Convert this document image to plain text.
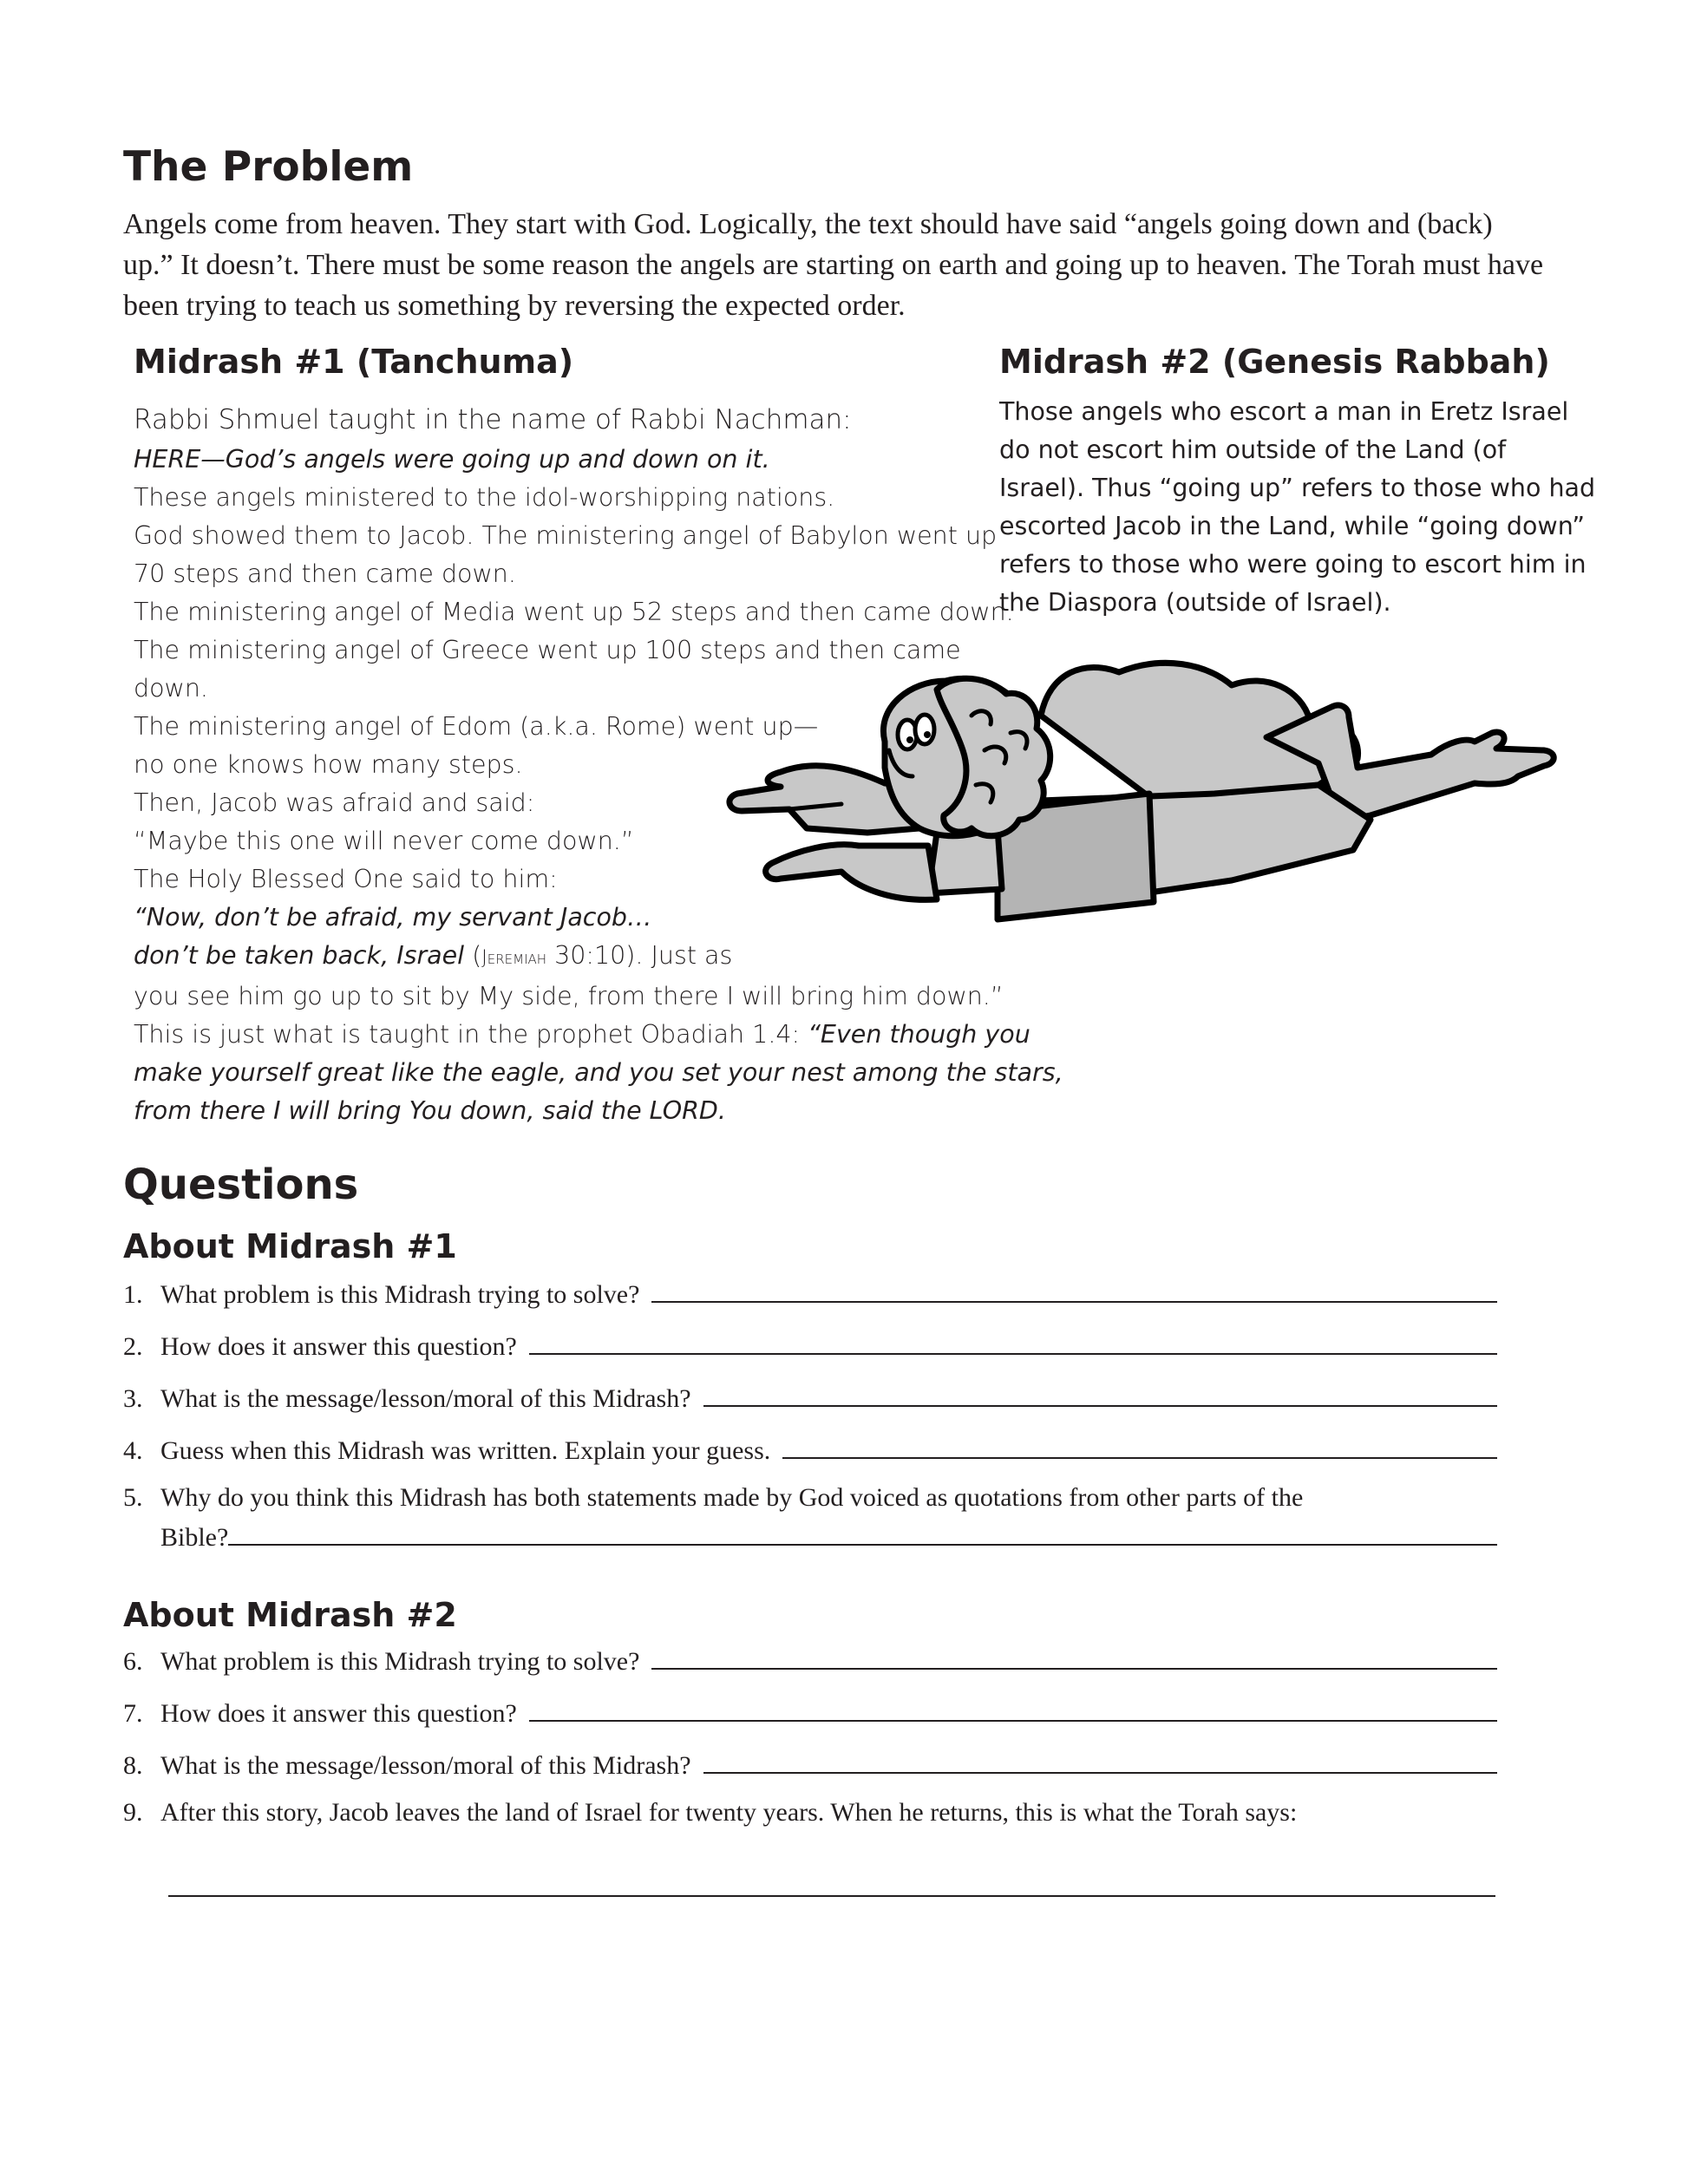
The Problem
Angels come from heaven. They start with God. Logically, the text should have said “angels going down and (back) up.” It doesn’t. There must be some reason the angels are starting on earth and going up to heaven. The Torah must have been trying to teach us something by reversing the expected order.
Midrash #1 (Tanchuma)	Midrash #2 (Genesis Rabbah)
Rabbi Shmuel taught in the name of Rabbi Nachman:
HERE—God’s angels were going up and down on it.
These angels ministered to the idol-worshipping nations.
God showed them to Jacob. The ministering angel of Babylon went up
70 steps and then came down.
The ministering angel of Media went up 52 steps and then came down.
The ministering angel of Greece went up 100 steps and then came
down.
The ministering angel of Edom (a.k.a. Rome) went up—
no one knows how many steps.
Then, Jacob was afraid and said:
“Maybe this one will never come down.”
The Holy Blessed One said to him:
“Now, don’t be afraid, my servant Jacob…
don’t be taken back, Israel (Jeremiah 30:10). Just as
you see him go up to sit by My side, from there I will bring him down.”
This is just what is taught in the prophet Obadiah 1.4: “Even though you
make yourself great like the eagle, and you set your nest among the stars,
from there I will bring You down, said the LORD.
Those angels who escort a man in Eretz Israel
do not escort him outside of the Land (of
Israel). Thus “going up” refers to those who had
escorted Jacob in the Land, while “going down”
refers to those who were going to escort him in
the Diaspora (outside of Israel).
Questions
About Midrash #1
1. What problem is this Midrash trying to solve?
2. How does it answer this question?
3. What is the message/lesson/moral of this Midrash?
4. Guess when this Midrash was written. Explain your guess.
5. Why do you think this Midrash has both statements made by God voiced as quotations from other parts of the
Bible?
About Midrash #2
6. What problem is this Midrash trying to solve?
7. How does it answer this question?
8. What is the message/lesson/moral of this Midrash?
9. After this story, Jacob leaves the land of Israel for twenty years. When he returns, this is what the Torah says:
